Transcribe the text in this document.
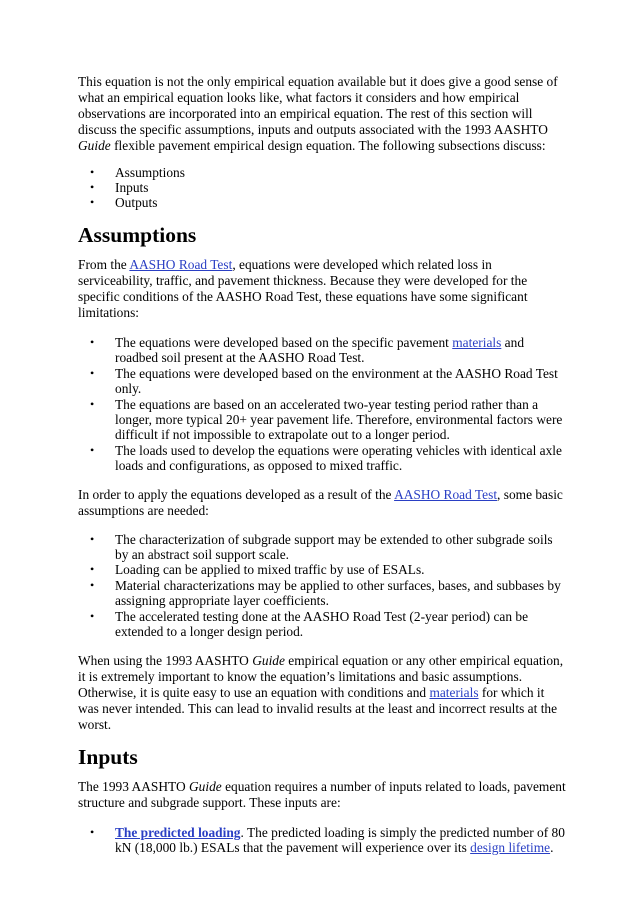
This equation is not the only empirical equation available but it does give a good sense of what an empirical equation looks like, what factors it considers and how empirical observations are incorporated into an empirical equation. The rest of this section will discuss the specific assumptions, inputs and outputs associated with the 1993 AASHTO Guide flexible pavement empirical design equation. The following subsections discuss:

• Assumptions
• Inputs
• Outputs
Assumptions

From the AASHO Road Test, equations were developed which related loss in serviceability, traffic, and pavement thickness. Because they were developed for the specific conditions of the AASHO Road Test, these equations have some significant limitations:

• The equations were developed based on the specific pavement materials and roadbed soil present at the AASHO Road Test.
• The equations were developed based on the environment at the AASHO Road Test only.
• The equations are based on an accelerated two-year testing period rather than a longer, more typical 20+ year pavement life. Therefore, environmental factors were difficult if not impossible to extrapolate out to a longer period.
• The loads used to develop the equations were operating vehicles with identical axle loads and configurations, as opposed to mixed traffic.

In order to apply the equations developed as a result of the AASHO Road Test, some basic assumptions are needed:

• The characterization of subgrade support may be extended to other subgrade soils by an abstract soil support scale.
• Loading can be applied to mixed traffic by use of ESALs.
• Material characterizations may be applied to other surfaces, bases, and subbases by assigning appropriate layer coefficients.
• The accelerated testing done at the AASHO Road Test (2-year period) can be extended to a longer design period.

When using the 1993 AASHTO Guide empirical equation or any other empirical equation, it is extremely important to know the equation’s limitations and basic assumptions. Otherwise, it is quite easy to use an equation with conditions and materials for which it was never intended. This can lead to invalid results at the least and incorrect results at the worst.

Inputs

The 1993 AASHTO Guide equation requires a number of inputs related to loads, pavement structure and subgrade support. These inputs are:

• The predicted loading. The predicted loading is simply the predicted number of 80 kN (18,000 lb.) ESALs that the pavement will experience over its design lifetime.
